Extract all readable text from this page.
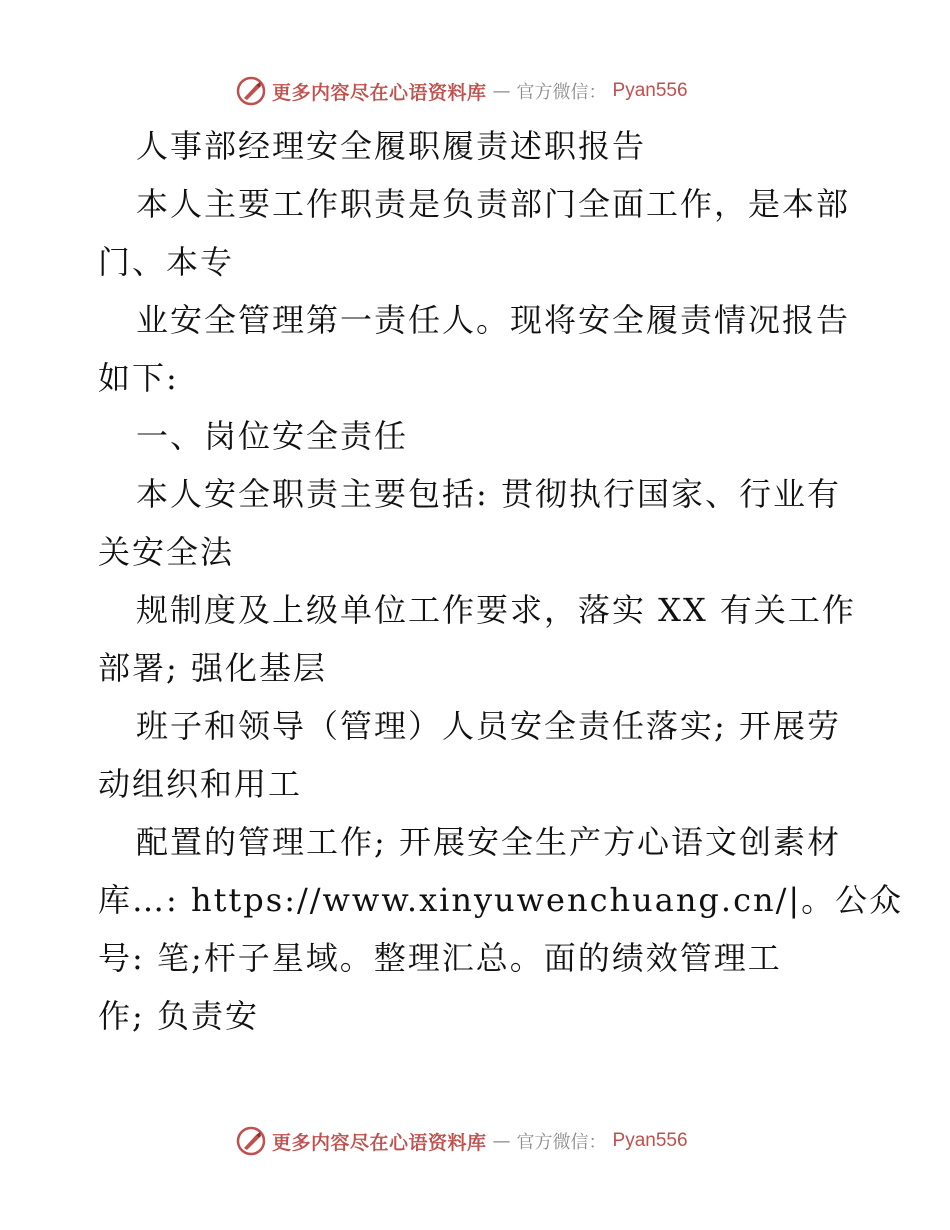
更多内容尽在心语资料库 — 官方微信： Pyan556
人事部经理安全履职履责述职报告
本人主要工作职责是负责部门全面工作，是本部
门、本专
业安全管理第一责任人。现将安全履责情况报告
如下:
一、岗位安全责任
本人安全职责主要包括: 贯彻执行国家、行业有
关安全法
规制度及上级单位工作要求，落实 XX 有关工作
部署; 强化基层
班子和领导（管理）人员安全责任落实; 开展劳
动组织和用工
配置的管理工作; 开展安全生产方心语文创素材
库…: https://www.xinyuwenchuang.cn/|。公众
号: 笔;杆子星域。整理汇总。面的绩效管理工
作; 负责安
更多内容尽在心语资料库 — 官方微信： Pyan556
